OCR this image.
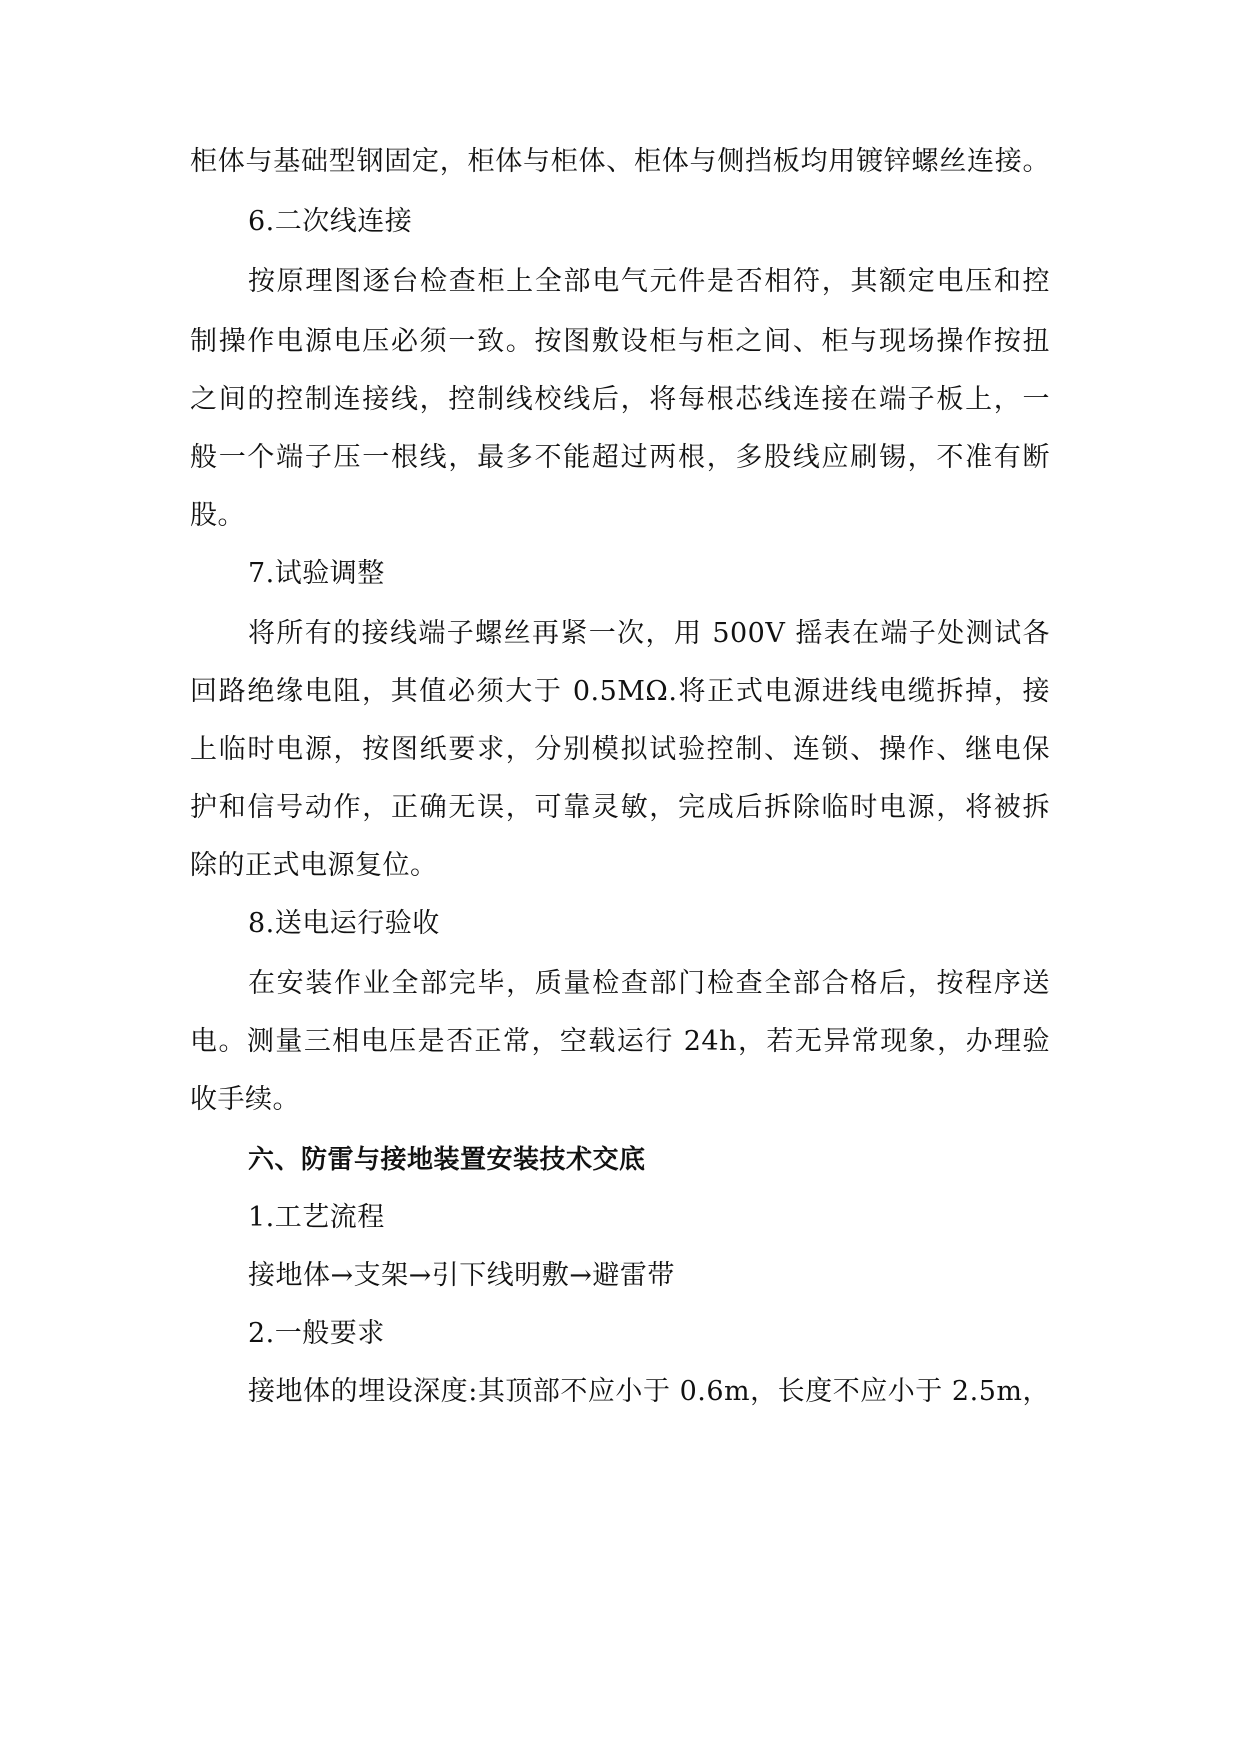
柜体与基础型钢固定，柜体与柜体、柜体与侧挡板均用镀锌螺丝连接。
6.二次线连接
按原理图逐台检查柜上全部电气元件是否相符，其额定电压和控
制操作电源电压必须一致。按图敷设柜与柜之间、柜与现场操作按扭
之间的控制连接线，控制线校线后，将每根芯线连接在端子板上，一
般一个端子压一根线，最多不能超过两根，多股线应刷锡，不准有断
股。
7.试验调整
将所有的接线端子螺丝再紧一次，用 500V 摇表在端子处测试各
回路绝缘电阻，其值必须大于 0.5MΩ.将正式电源进线电缆拆掉，接
上临时电源，按图纸要求，分别模拟试验控制、连锁、操作、继电保
护和信号动作，正确无误，可靠灵敏，完成后拆除临时电源，将被拆
除的正式电源复位。
8.送电运行验收
在安装作业全部完毕，质量检查部门检查全部合格后，按程序送
电。测量三相电压是否正常，空载运行 24h，若无异常现象，办理验
收手续。
六、防雷与接地装置安装技术交底
1.工艺流程
接地体→支架→引下线明敷→避雷带
2.一般要求
接地体的埋设深度:其顶部不应小于 0.6m，长度不应小于 2.5m，
